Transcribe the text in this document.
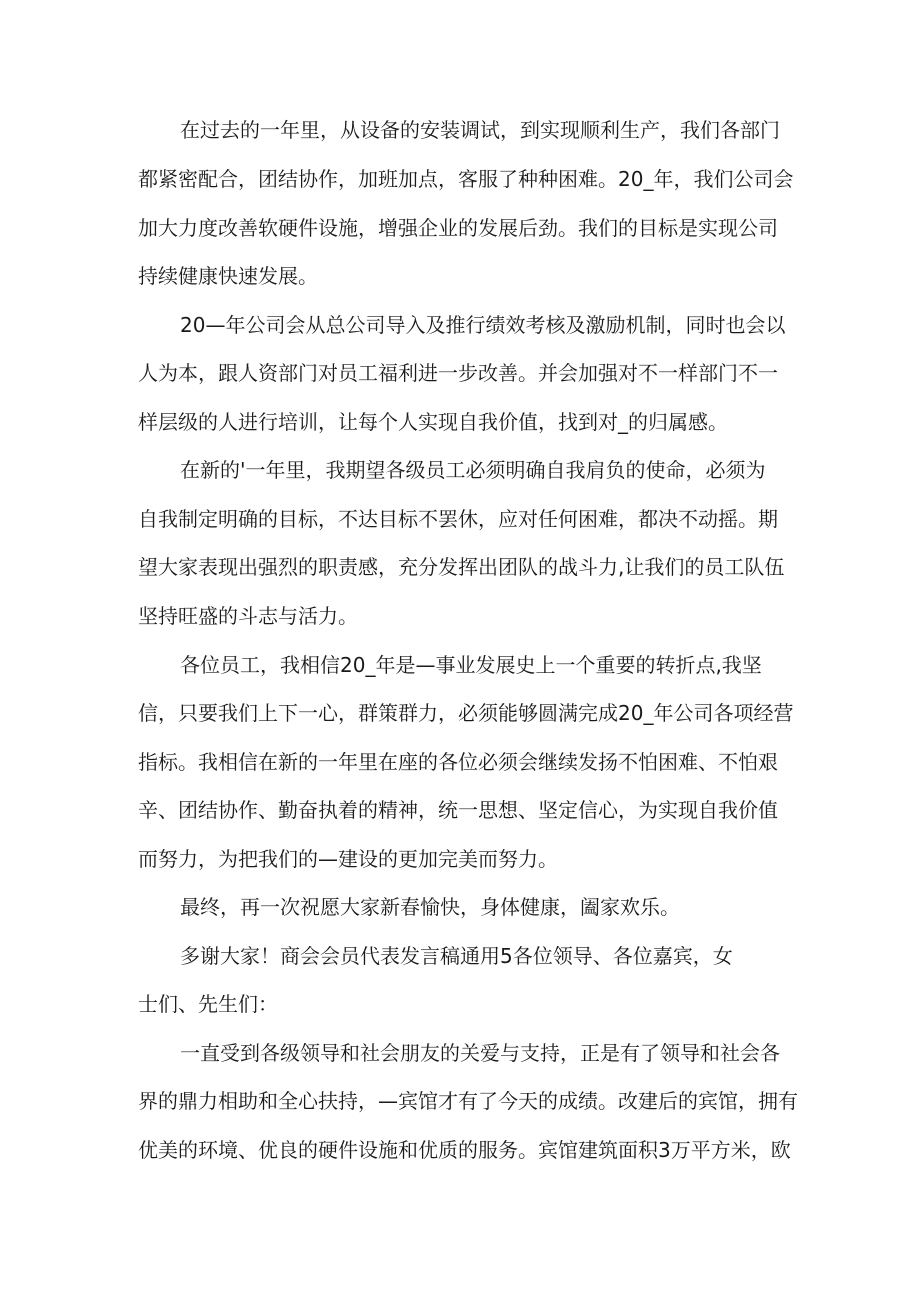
在过去的一年里，从设备的安装调试，到实现顺利生产，我们各部门
都紧密配合，团结协作，加班加点，客服了种种困难。20_年，我们公司会
加大力度改善软硬件设施，增强企业的发展后劲。我们的目标是实现公司
持续健康快速发展。
20—年公司会从总公司导入及推行绩效考核及激励机制，同时也会以
人为本，跟人资部门对员工福利进一步改善。并会加强对不一样部门不一
样层级的人进行培训，让每个人实现自我价值，找到对_的归属感。
在新的'一年里，我期望各级员工必须明确自我肩负的使命，必须为
自我制定明确的目标，不达目标不罢休，应对任何困难，都决不动摇。期
望大家表现出强烈的职责感，充分发挥出团队的战斗力,让我们的员工队伍
坚持旺盛的斗志与活力。
各位员工，我相信20_年是—事业发展史上一个重要的转折点,我坚
信，只要我们上下一心，群策群力，必须能够圆满完成20_年公司各项经营
指标。我相信在新的一年里在座的各位必须会继续发扬不怕困难、不怕艰
辛、团结协作、勤奋执着的精神，统一思想、坚定信心，为实现自我价值
而努力，为把我们的—建设的更加完美而努力。
最终，再一次祝愿大家新春愉快，身体健康，阖家欢乐。
多谢大家！商会会员代表发言稿通用5各位领导、各位嘉宾，女
士们、先生们：
一直受到各级领导和社会朋友的关爱与支持，正是有了领导和社会各
界的鼎力相助和全心扶持，—宾馆才有了今天的成绩。改建后的宾馆，拥有
优美的环境、优良的硬件设施和优质的服务。宾馆建筑面积3万平方米，欧
